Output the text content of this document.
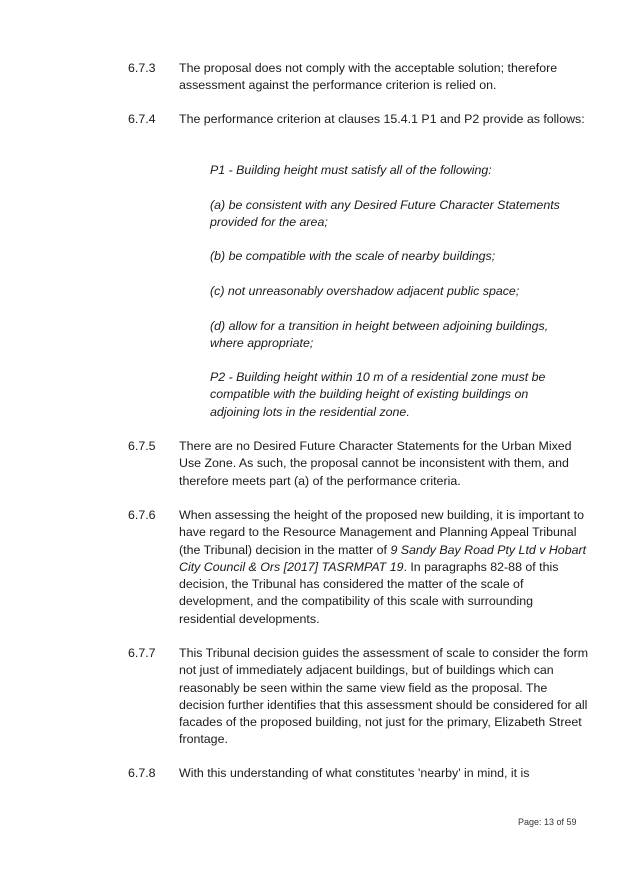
6.7.3 The proposal does not comply with the acceptable solution; therefore assessment against the performance criterion is relied on.
6.7.4 The performance criterion at clauses 15.4.1 P1 and P2 provide as follows:
P1 - Building height must satisfy all of the following:
(a) be consistent with any Desired Future Character Statements provided for the area;
(b) be compatible with the scale of nearby buildings;
(c) not unreasonably overshadow adjacent public space;
(d) allow for a transition in height between adjoining buildings, where appropriate;
P2 - Building height within 10 m of a residential zone must be compatible with the building height of existing buildings on adjoining lots in the residential zone.
6.7.5 There are no Desired Future Character Statements for the Urban Mixed Use Zone. As such, the proposal cannot be inconsistent with them, and therefore meets part (a) of the performance criteria.
6.7.6 When assessing the height of the proposed new building, it is important to have regard to the Resource Management and Planning Appeal Tribunal (the Tribunal) decision in the matter of 9 Sandy Bay Road Pty Ltd v Hobart City Council & Ors [2017] TASRMPAT 19. In paragraphs 82-88 of this decision, the Tribunal has considered the matter of the scale of development, and the compatibility of this scale with surrounding residential developments.
6.7.7 This Tribunal decision guides the assessment of scale to consider the form not just of immediately adjacent buildings, but of buildings which can reasonably be seen within the same view field as the proposal. The decision further identifies that this assessment should be considered for all facades of the proposed building, not just for the primary, Elizabeth Street frontage.
6.7.8 With this understanding of what constitutes 'nearby' in mind, it is
Page: 13 of 59
